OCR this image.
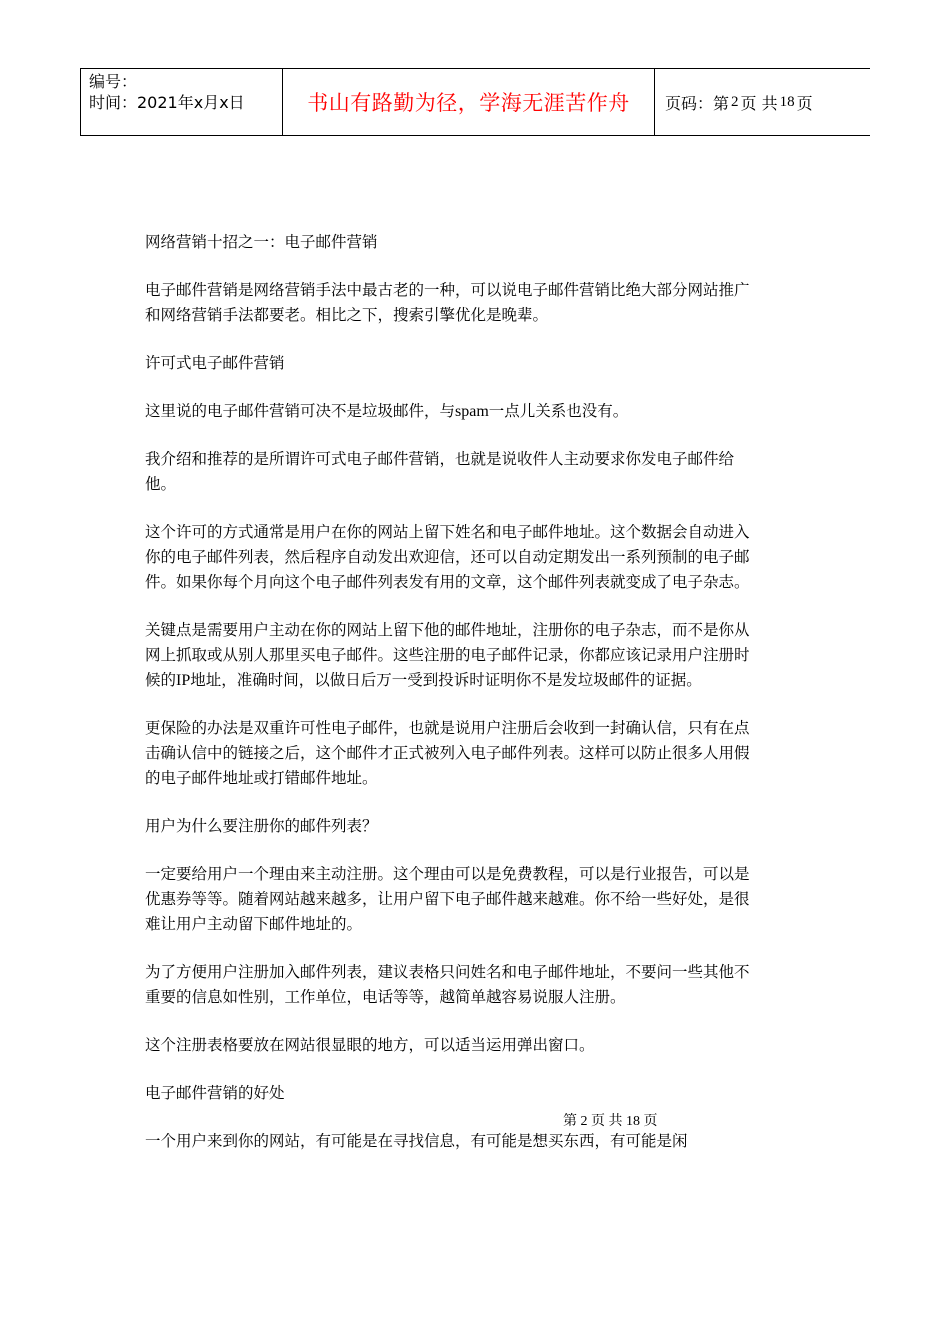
编号：
时间：2021年x月x日	书山有路勤为径，学海无涯苦作舟 页码：第 2 页 共 18 页

网络营销十招之一：电子邮件营销

电子邮件营销是网络营销手法中最古老的一种，可以说电子邮件营销比绝大部分网站推广和网络营销手法都要老。相比之下，搜索引擎优化是晚辈。

许可式电子邮件营销

这里说的电子邮件营销可决不是垃圾邮件，与spam一点儿关系也没有。

我介绍和推荐的是所谓许可式电子邮件营销，也就是说收件人主动要求你发电子邮件给他。

这个许可的方式通常是用户在你的网站上留下姓名和电子邮件地址。这个数据会自动进入你的电子邮件列表，然后程序自动发出欢迎信，还可以自动定期发出一系列预制的电子邮件。如果你每个月向这个电子邮件列表发有用的文章，这个邮件列表就变成了电子杂志。

关键点是需要用户主动在你的网站上留下他的邮件地址，注册你的电子杂志，而不是你从网上抓取或从别人那里买电子邮件。这些注册的电子邮件记录，你都应该记录用户注册时候的IP地址，准确时间，以做日后万一受到投诉时证明你不是发垃圾邮件的证据。

更保险的办法是双重许可性电子邮件，也就是说用户注册后会收到一封确认信，只有在点击确认信中的链接之后，这个邮件才正式被列入电子邮件列表。这样可以防止很多人用假的电子邮件地址或打错邮件地址。

用户为什么要注册你的邮件列表？

一定要给用户一个理由来主动注册。这个理由可以是免费教程，可以是行业报告，可以是优惠券等等。随着网站越来越多，让用户留下电子邮件越来越难。你不给一些好处，是很难让用户主动留下邮件地址的。

为了方便用户注册加入邮件列表，建议表格只问姓名和电子邮件地址，不要问一些其他不重要的信息如性别，工作单位，电话等等，越简单越容易说服人注册。

这个注册表格要放在网站很显眼的地方，可以适当运用弹出窗口。

电子邮件营销的好处

一个用户来到你的网站，有可能是在寻找信息，有可能是想买东西，有可能是闲

第 2 页 共 18 页
